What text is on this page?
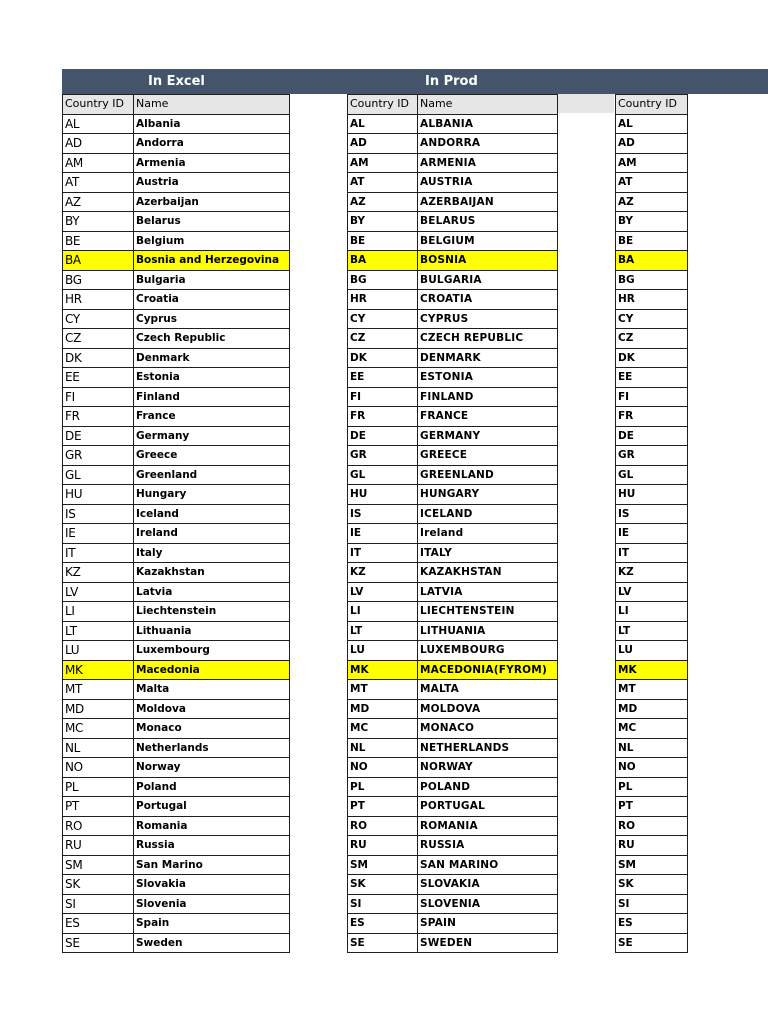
In Excel	In Prod
Country ID	Name
AL	Albania
AD	Andorra
AM	Armenia
AT	Austria
AZ	Azerbaijan
BY	Belarus
BE	Belgium
BA	Bosnia and Herzegovina
BG	Bulgaria
HR	Croatia
CY	Cyprus
CZ	Czech Republic
DK	Denmark
EE	Estonia
FI	Finland
FR	France
DE	Germany
GR	Greece
GL	Greenland
HU	Hungary
IS	Iceland
IE	Ireland
IT	Italy
KZ	Kazakhstan
LV	Latvia
LI	Liechtenstein
LT	Lithuania
LU	Luxembourg
MK	Macedonia
MT	Malta
MD	Moldova
MC	Monaco
NL	Netherlands
NO	Norway
PL	Poland
PT	Portugal
RO	Romania
RU	Russia
SM	San Marino
SK	Slovakia
SI	Slovenia
ES	Spain
SE	Sweden
Country ID	Name
AL	ALBANIA
AD	ANDORRA
AM	ARMENIA
AT	AUSTRIA
AZ	AZERBAIJAN
BY	BELARUS
BE	BELGIUM
BA	BOSNIA
BG	BULGARIA
HR	CROATIA
CY	CYPRUS
CZ	CZECH REPUBLIC
DK	DENMARK
EE	ESTONIA
FI	FINLAND
FR	FRANCE
DE	GERMANY
GR	GREECE
GL	GREENLAND
HU	HUNGARY
IS	ICELAND
IE	Ireland
IT	ITALY
KZ	KAZAKHSTAN
LV	LATVIA
LI	LIECHTENSTEIN
LT	LITHUANIA
LU	LUXEMBOURG
MK	MACEDONIA(FYROM)
MT	MALTA
MD	MOLDOVA
MC	MONACO
NL	NETHERLANDS
NO	NORWAY
PL	POLAND
PT	PORTUGAL
RO	ROMANIA
RU	RUSSIA
SM	SAN MARINO
SK	SLOVAKIA
SI	SLOVENIA
ES	SPAIN
SE	SWEDEN
Country ID
AL
AD
AM
AT
AZ
BY
BE
BA
BG
HR
CY
CZ
DK
EE
FI
FR
DE
GR
GL
HU
IS
IE
IT
KZ
LV
LI
LT
LU
MK
MT
MD
MC
NL
NO
PL
PT
RO
RU
SM
SK
SI
ES
SE
